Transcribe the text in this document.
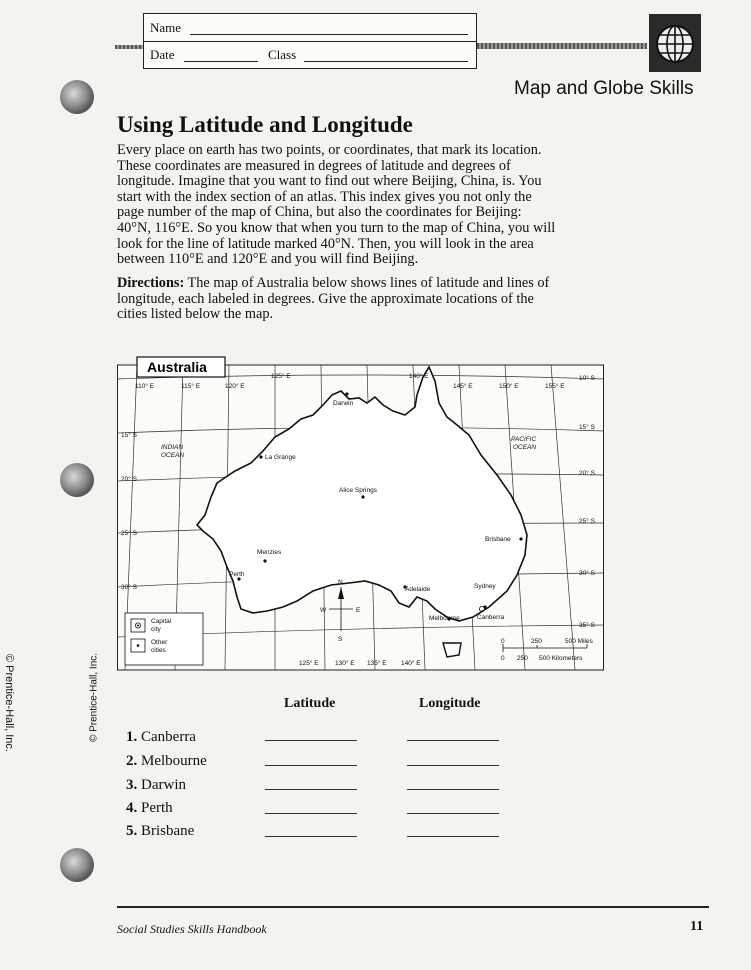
Name
Date	Class
Map and Globe Skills
Using Latitude and Longitude
Every place on earth has two points, or coordinates, that mark its location.
These coordinates are measured in degrees of latitude and degrees of
longitude. Imagine that you want to find out where Beijing, China, is. You
start with the index section of an atlas. This index gives you not only the
page number of the map of China, but also the coordinates for Beijing:
40°N, 116°E. So you know that when you turn to the map of China, you will
look for the line of latitude marked 40°N. Then, you will look in the area
between 110°E and 120°E and you will find Beijing.
Directions: The map of Australia below shows lines of latitude and lines of
longitude, each labeled in degrees. Give the approximate locations of the
cities listed below the map.
Australia
110° E	115° E	120° E
125° E	140° E
145° E	150° E	155° E
125° E	130° E 135° E 140° E
15° S
20° S
25° S
30° S
10° S
15° S
20° S
25° S
30° S
35° S
INDIAN
OCEAN
PACIFIC
OCEAN
Darwin
La Grange
Alice Springs
Brisbane
Menzies
Perth
Adelaide	Sydney
Melbourne	Canberra
N
S
E
W
Capital
city
Other
cities
0	250	500 Miles
0 250 500 Kilometers
Latitude	Longitude
1. Canberra
2. Melbourne
3. Darwin
4. Perth
5. Brisbane
© Prentice-Hall, Inc.
© Prentice-Hall, Inc.
Social Studies Skills Handbook	11
